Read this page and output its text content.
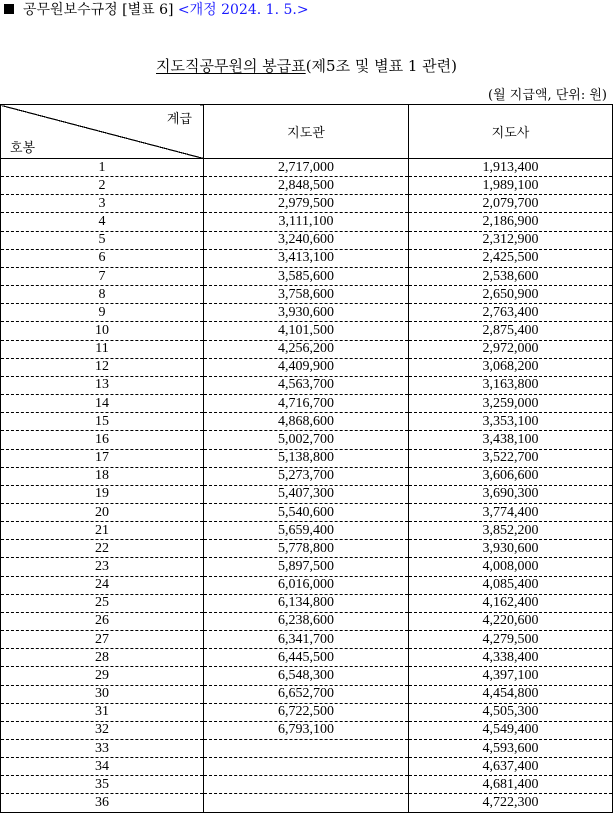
공무원보수규정 [별표 6] <개정 2024. 1. 5.>
지도직공무원의 봉급표(제5조 및 별표 1 관련)
(월 지급액, 단위: 원)
계급
호봉	지도관	지도사
1	2,717,000	1,913,400
2	2,848,500	1,989,100
3	2,979,500	2,079,700
4	3,111,100	2,186,900
5	3,240,600	2,312,900
6	3,413,100	2,425,500
7	3,585,600	2,538,600
8	3,758,600	2,650,900
9	3,930,600	2,763,400
10	4,101,500	2,875,400
11	4,256,200	2,972,000
12	4,409,900	3,068,200
13	4,563,700	3,163,800
14	4,716,700	3,259,000
15	4,868,600	3,353,100
16	5,002,700	3,438,100
17	5,138,800	3,522,700
18	5,273,700	3,606,600
19	5,407,300	3,690,300
20	5,540,600	3,774,400
21	5,659,400	3,852,200
22	5,778,800	3,930,600
23	5,897,500	4,008,000
24	6,016,000	4,085,400
25	6,134,800	4,162,400
26	6,238,600	4,220,600
27	6,341,700	4,279,500
28	6,445,500	4,338,400
29	6,548,300	4,397,100
30	6,652,700	4,454,800
31	6,722,500	4,505,300
32	6,793,100	4,549,400
33		4,593,600
34		4,637,400
35		4,681,400
36		4,722,300
